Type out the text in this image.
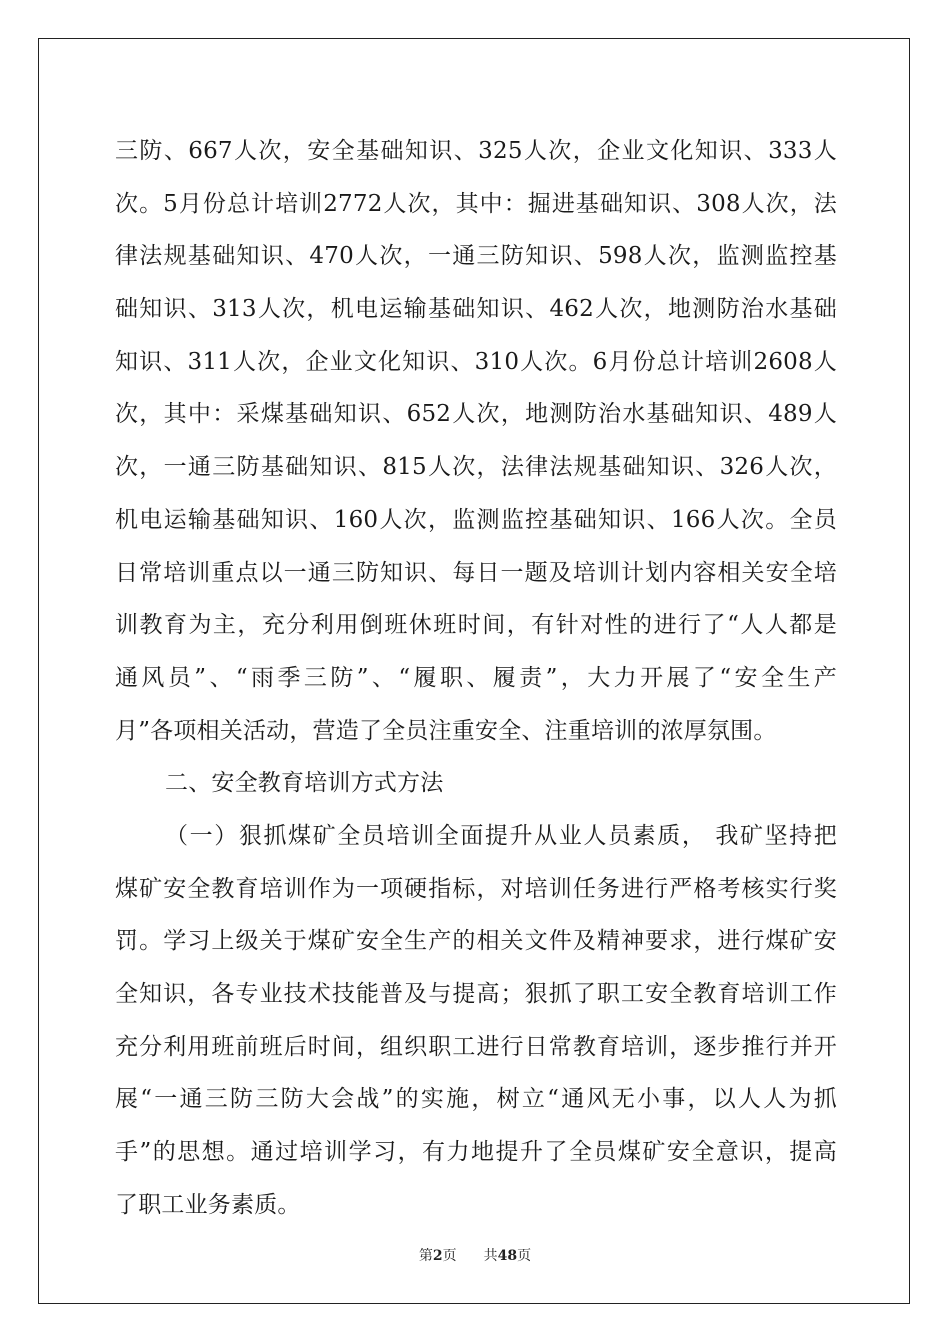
三防、667人次，安全基础知识、325人次，企业文化知识、333人
次。5月份总计培训2772人次，其中：掘进基础知识、308人次，法
律法规基础知识、470人次，一通三防知识、598人次，监测监控基
础知识、313人次，机电运输基础知识、462人次，地测防治水基础
知识、311人次，企业文化知识、310人次。6月份总计培训2608人
次，其中：采煤基础知识、652人次，地测防治水基础知识、489人
次，一通三防基础知识、815人次，法律法规基础知识、326人次，
机电运输基础知识、160人次，监测监控基础知识、166人次。全员
日常培训重点以一通三防知识、每日一题及培训计划内容相关安全培
训教育为主，充分利用倒班休班时间，有针对性的进行了“人人都是
通风员”、“雨季三防”、“履职、履责”，大力开展了“安全生产
月”各项相关活动，营造了全员注重安全、注重培训的浓厚氛围。
二、安全教育培训方式方法
（一）狠抓煤矿全员培训全面提升从业人员素质， 我矿坚持把
煤矿安全教育培训作为一项硬指标，对培训任务进行严格考核实行奖
罚。学习上级关于煤矿安全生产的相关文件及精神要求，进行煤矿安
全知识，各专业技术技能普及与提高；狠抓了职工安全教育培训工作
充分利用班前班后时间，组织职工进行日常教育培训，逐步推行并开
展“一通三防三防大会战”的实施，树立“通风无小事，以人人为抓
手”的思想。通过培训学习，有力地提升了全员煤矿安全意识，提高
了职工业务素质。
第2页 共48页
